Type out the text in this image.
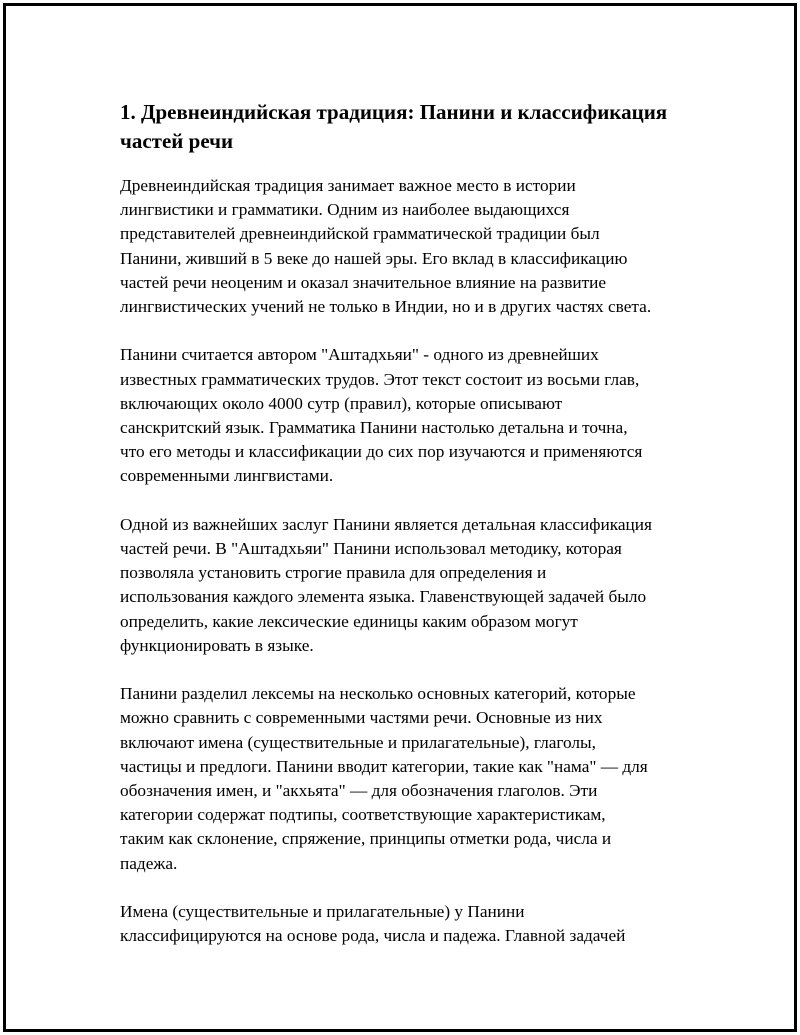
1. Древнеиндийская традиция: Панини и классификация
частей речи

Древнеиндийская традиция занимает важное место в истории
лингвистики и грамматики. Одним из наиболее выдающихся
представителей древнеиндийской грамматической традиции был
Панини, живший в 5 веке до нашей эры. Его вклад в классификацию
частей речи неоценим и оказал значительное влияние на развитие
лингвистических учений не только в Индии, но и в других частях света.

Панини считается автором "Аштадхьяи" - одного из древнейших
известных грамматических трудов. Этот текст состоит из восьми глав,
включающих около 4000 сутр (правил), которые описывают
санскритский язык. Грамматика Панини настолько детальна и точна,
что его методы и классификации до сих пор изучаются и применяются
современными лингвистами.

Одной из важнейших заслуг Панини является детальная классификация
частей речи. В "Аштадхьяи" Панини использовал методику, которая
позволяла установить строгие правила для определения и
использования каждого элемента языка. Главенствующей задачей было
определить, какие лексические единицы каким образом могут
функционировать в языке.

Панини разделил лексемы на несколько основных категорий, которые
можно сравнить с современными частями речи. Основные из них
включают имена (существительные и прилагательные), глаголы,
частицы и предлоги. Панини вводит категории, такие как "нама" — для
обозначения имен, и "акхьята" — для обозначения глаголов. Эти
категории содержат подтипы, соответствующие характеристикам,
таким как склонение, спряжение, принципы отметки рода, числа и
падежа.

Имена (существительные и прилагательные) у Панини
классифицируются на основе рода, числа и падежа. Главной задачей
